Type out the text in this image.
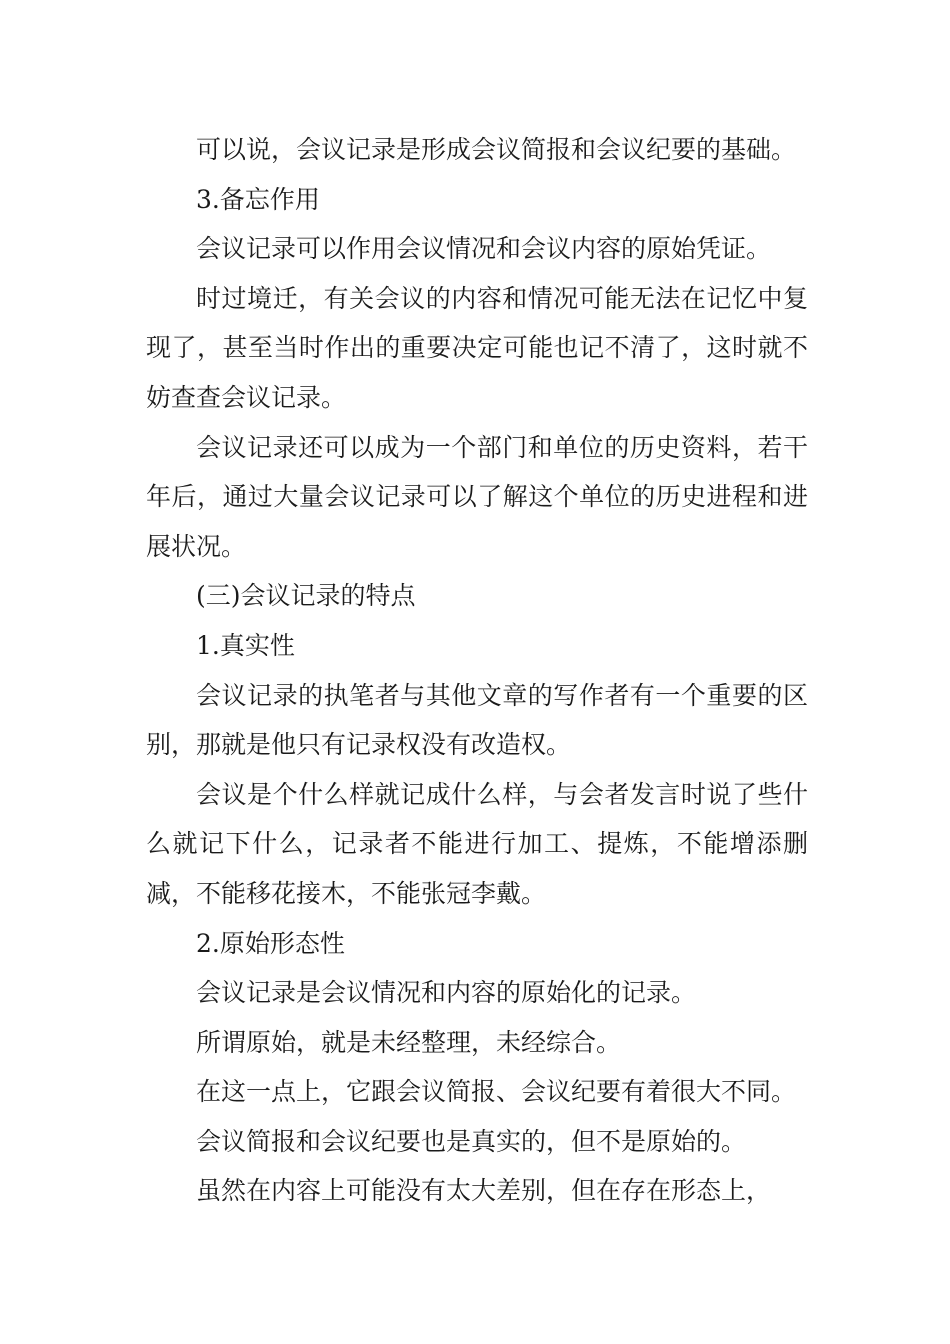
可以说，会议记录是形成会议简报和会议纪要的基础。

3.备忘作用

会议记录可以作用会议情况和会议内容的原始凭证。

时过境迁，有关会议的内容和情况可能无法在记忆中复现了，甚至当时作出的重要决定可能也记不清了，这时就不妨查查会议记录。

会议记录还可以成为一个部门和单位的历史资料，若干年后，通过大量会议记录可以了解这个单位的历史进程和进展状况。

(三)会议记录的特点

1.真实性

会议记录的执笔者与其他文章的写作者有一个重要的区别，那就是他只有记录权没有改造权。

会议是个什么样就记成什么样，与会者发言时说了些什么就记下什么，记录者不能进行加工、提炼，不能增添删减，不能移花接木，不能张冠李戴。

2.原始形态性

会议记录是会议情况和内容的原始化的记录。

所谓原始，就是未经整理，未经综合。

在这一点上，它跟会议简报、会议纪要有着很大不同。

会议简报和会议纪要也是真实的，但不是原始的。

虽然在内容上可能没有太大差别，但在存在形态上，
